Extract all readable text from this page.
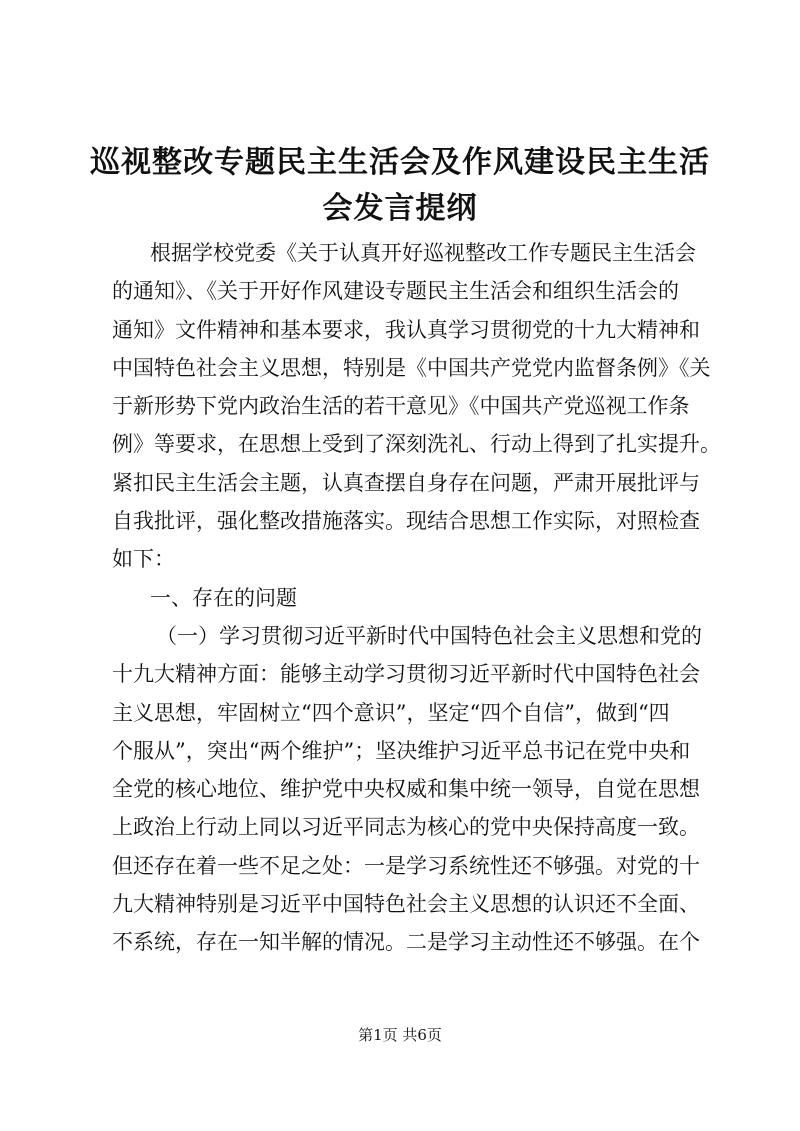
巡视整改专题民主生活会及作风建设民主生活
会发言提纲
根据学校党委《关于认真开好巡视整改工作专题民主生活会
的通知》、《关于开好作风建设专题民主生活会和组织生活会的
通知》文件精神和基本要求，我认真学习贯彻党的十九大精神和
中国特色社会主义思想，特别是《中国共产党党内监督条例》《关
于新形势下党内政治生活的若干意见》《中国共产党巡视工作条
例》等要求，在思想上受到了深刻洗礼、行动上得到了扎实提升。
紧扣民主生活会主题，认真查摆自身存在问题，严肃开展批评与
自我批评，强化整改措施落实。现结合思想工作实际，对照检查
如下：
一、存在的问题
（一）学习贯彻习近平新时代中国特色社会主义思想和党的
十九大精神方面：能够主动学习贯彻习近平新时代中国特色社会
主义思想，牢固树立“四个意识”，坚定“四个自信”，做到“四
个服从”，突出“两个维护”；坚决维护习近平总书记在党中央和
全党的核心地位、维护党中央权威和集中统一领导，自觉在思想
上政治上行动上同以习近平同志为核心的党中央保持高度一致。
但还存在着一些不足之处：一是学习系统性还不够强。对党的十
九大精神特别是习近平中国特色社会主义思想的认识还不全面、
不系统，存在一知半解的情况。二是学习主动性还不够强。在个
第1页 共6页
